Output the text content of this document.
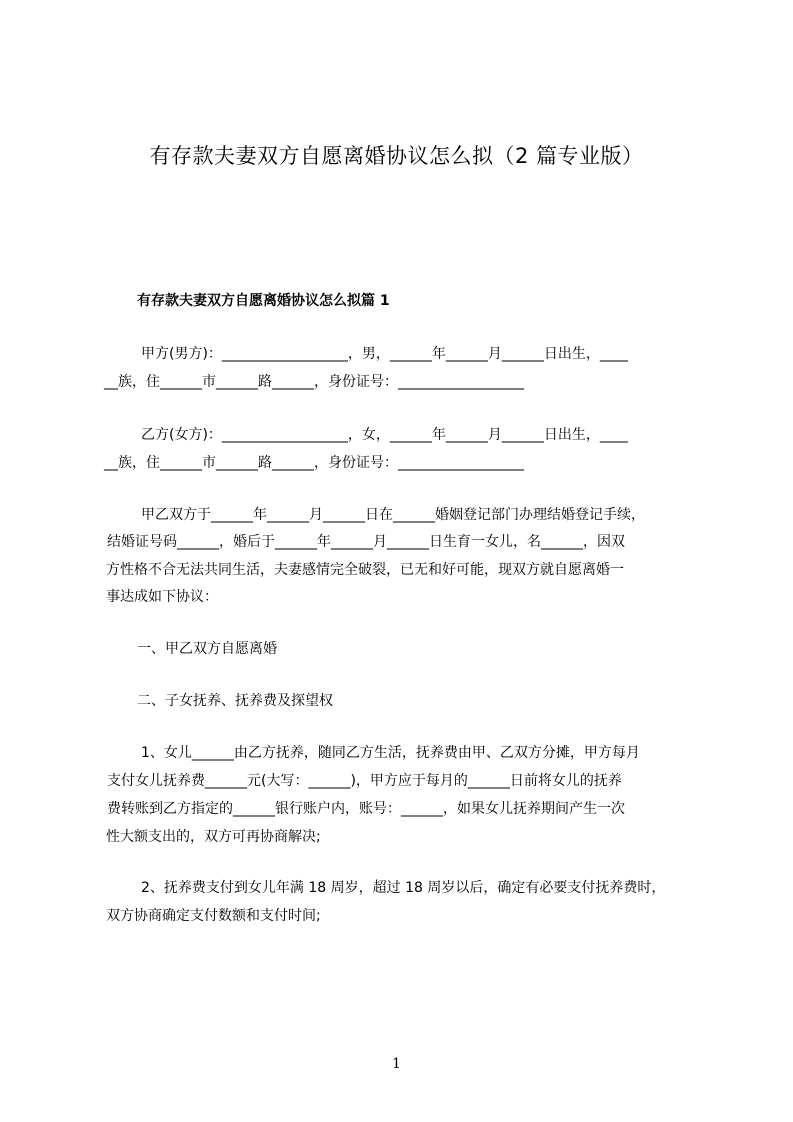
有存款夫妻双方自愿离婚协议怎么拟（2 篇专业版）
有存款夫妻双方自愿离婚协议怎么拟篇 1
甲方(男方)：__________________，男，______年______月______日出生，____
__族，住______市______路______，身份证号：__________________
乙方(女方)：__________________，女，______年______月______日出生，____
__族，住______市______路______，身份证号：__________________
甲乙双方于______年______月______日在______婚姻登记部门办理结婚登记手续，
结婚证号码______，婚后于______年______月______日生育一女儿，名______，因双
方性格不合无法共同生活，夫妻感情完全破裂，已无和好可能，现双方就自愿离婚一
事达成如下协议：
一、甲乙双方自愿离婚
二、子女抚养、抚养费及探望权
1、女儿______由乙方抚养，随同乙方生活，抚养费由甲、乙双方分摊，甲方每月
支付女儿抚养费______元(大写：______)，甲方应于每月的______日前将女儿的抚养
费转账到乙方指定的______银行账户内，账号：______，如果女儿抚养期间产生一次
性大额支出的，双方可再协商解决;
2、抚养费支付到女儿年满 18 周岁，超过 18 周岁以后，确定有必要支付抚养费时，
双方协商确定支付数额和支付时间;
1
